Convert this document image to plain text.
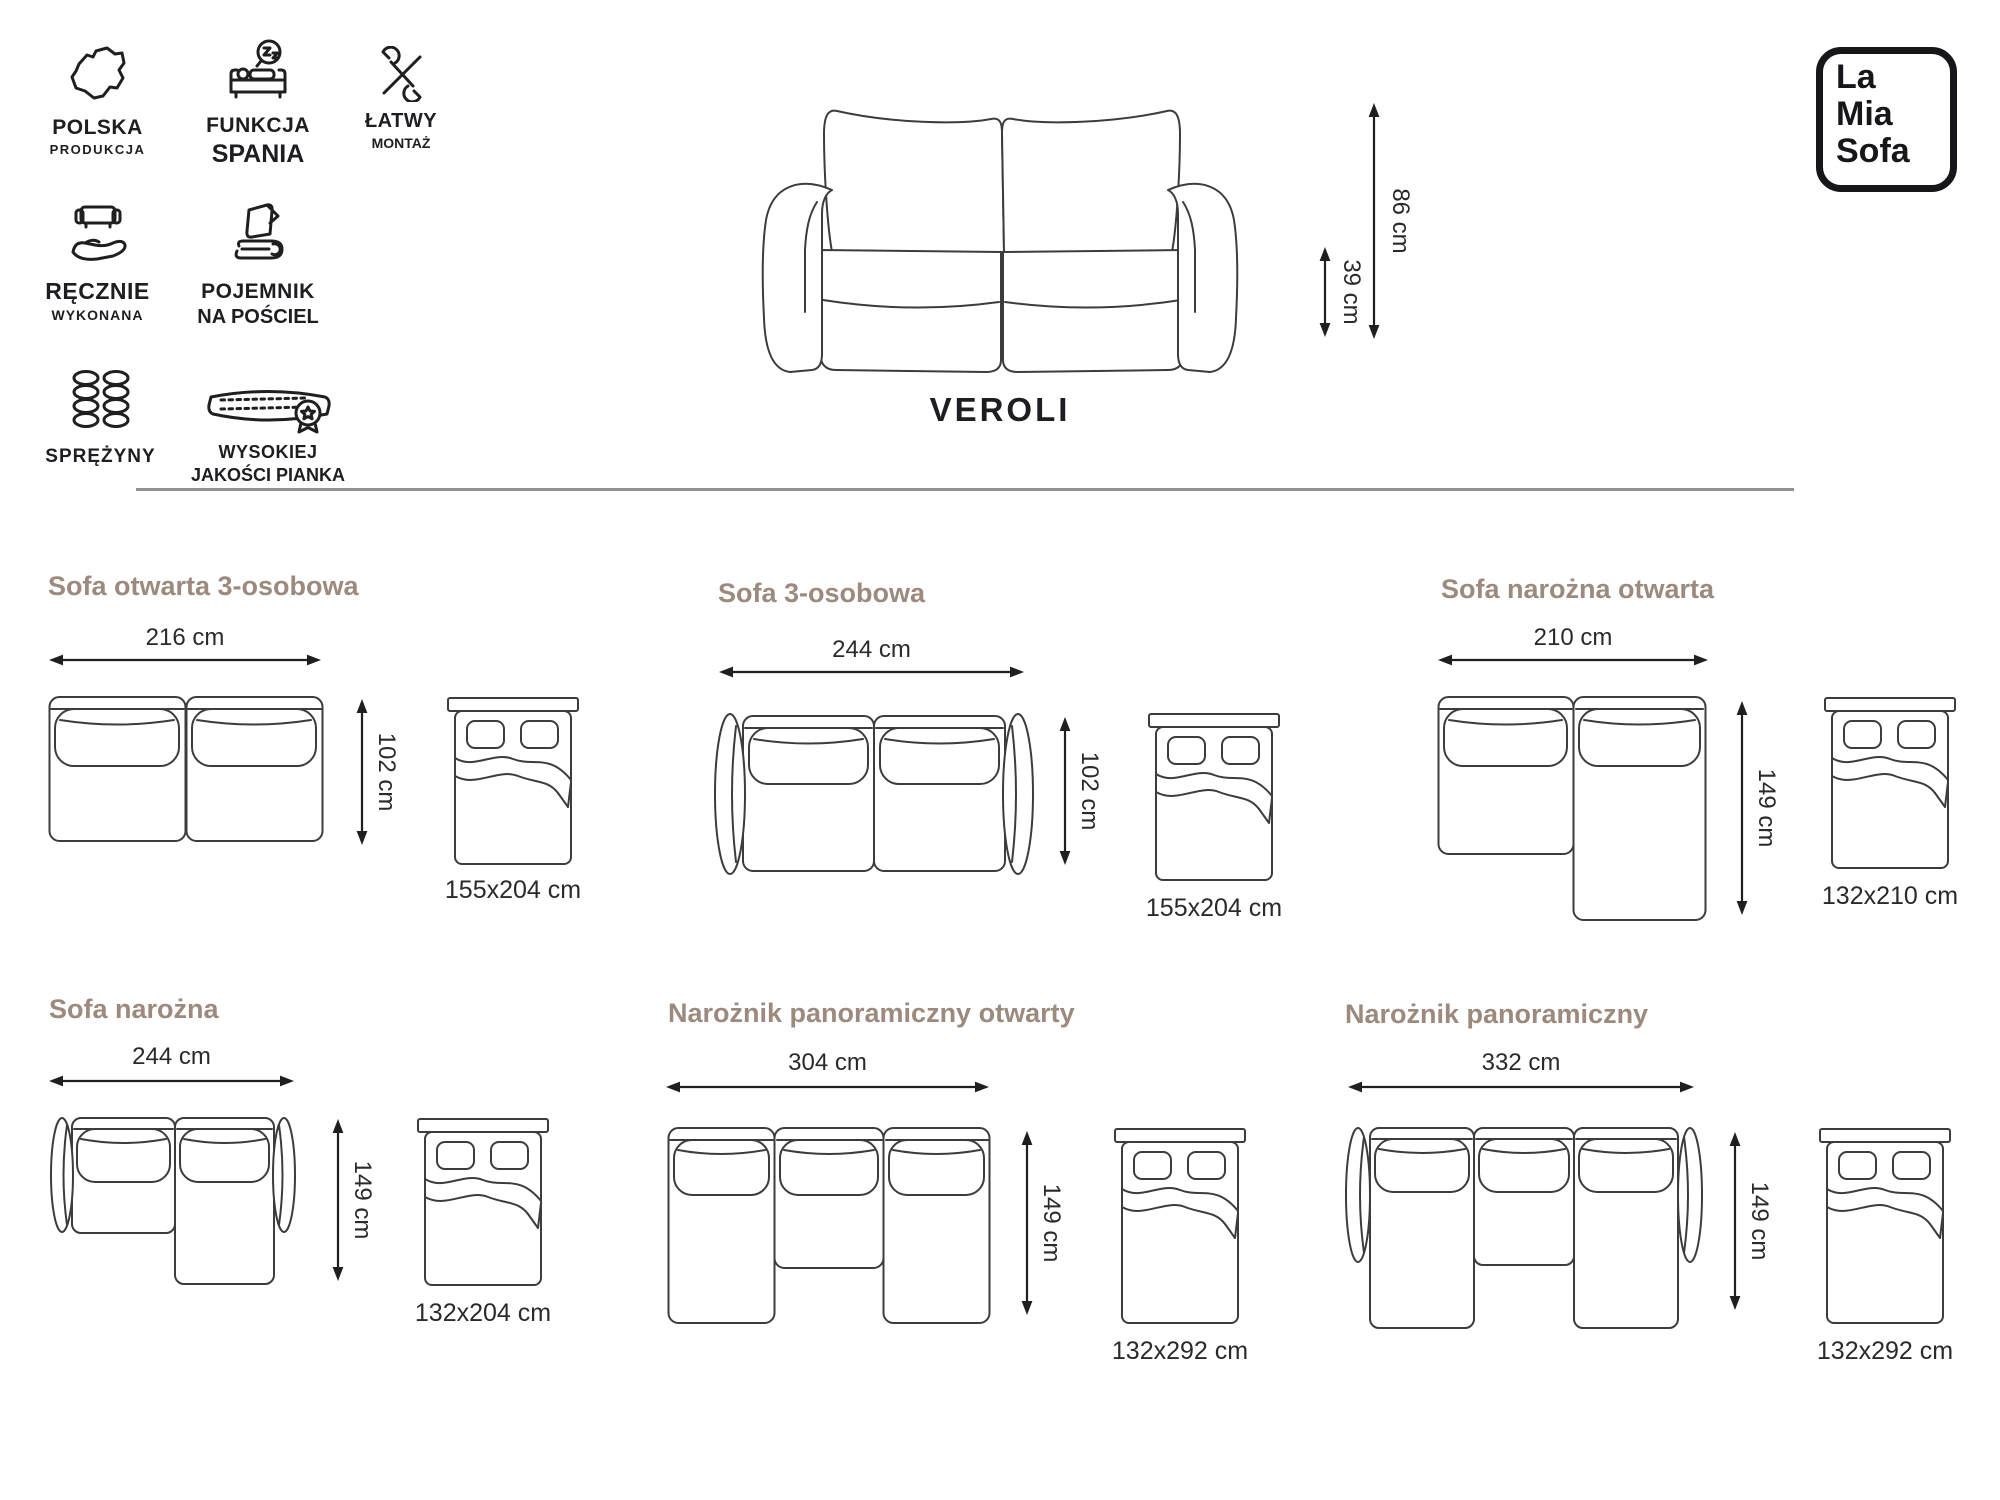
POLSKA
PRODUKCJA
FUNKCJA
SPANIA
ŁATWY
MONTAŻ
RĘCZNIE
WYKONANA
POJEMNIK
NA POŚCIEL
SPRĘŻYNY	WYSOKIEJ
JAKOŚCI PIANKA
86 cm
39 cm
VEROLI
La
Mia
Sofa
Sofa otwarta 3-osobowa
216 cm
102 cm
155x204 cm
Sofa 3-osobowa
244 cm
102 cm
155x204 cm
Sofa narożna otwarta
210 cm
149 cm
132x210 cm
Sofa narożna
244 cm
149 cm
132x204 cm
Narożnik panoramiczny otwarty
304 cm
149 cm
132x292 cm
Narożnik panoramiczny
332 cm
149 cm
132x292 cm
